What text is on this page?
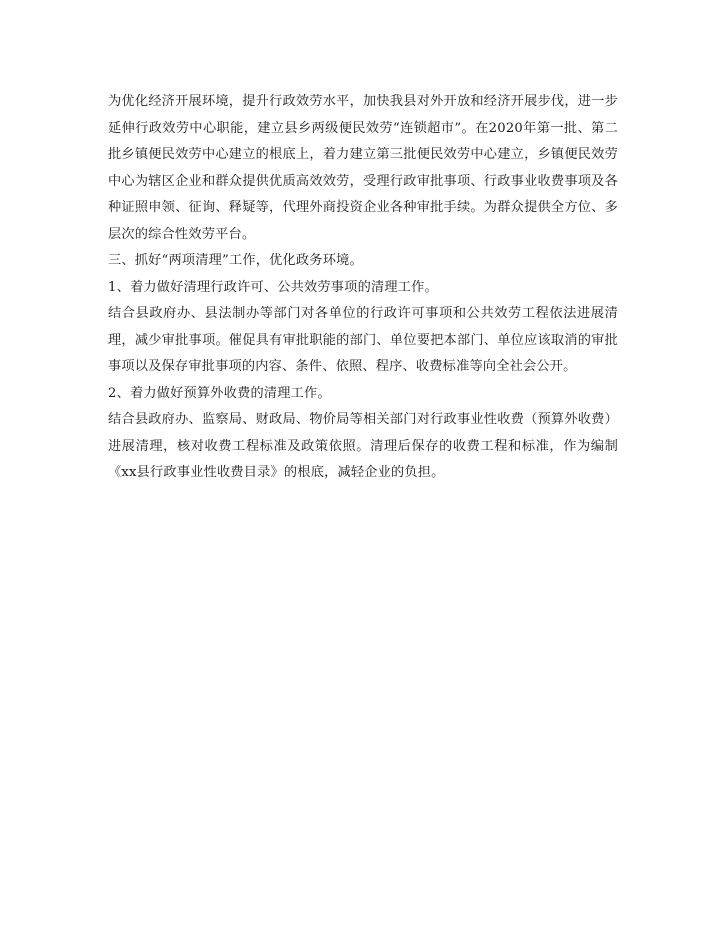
为优化经济开展环境，提升行政效劳水平，加快我县对外开放和经济开展步伐，进一步延伸行政效劳中心职能，建立县乡两级便民效劳“连锁超市”。在2020年第一批、第二批乡镇便民效劳中心建立的根底上，着力建立第三批便民效劳中心建立，乡镇便民效劳中心为辖区企业和群众提供优质高效效劳，受理行政审批事项、行政事业收费事项及各种证照申领、征询、释疑等，代理外商投资企业各种审批手续。为群众提供全方位、多层次的综合性效劳平台。

三、抓好“两项清理”工作，优化政务环境。

1、着力做好清理行政许可、公共效劳事项的清理工作。

结合县政府办、县法制办等部门对各单位的行政许可事项和公共效劳工程依法进展清理，减少审批事项。催促具有审批职能的部门、单位要把本部门、单位应该取消的审批事项以及保存审批事项的内容、条件、依照、程序、收费标准等向全社会公开。

2、着力做好预算外收费的清理工作。

结合县政府办、监察局、财政局、物价局等相关部门对行政事业性收费（预算外收费）进展清理，核对收费工程标准及政策依照。清理后保存的收费工程和标准，作为编制《xx县行政事业性收费目录》的根底，减轻企业的负担。
